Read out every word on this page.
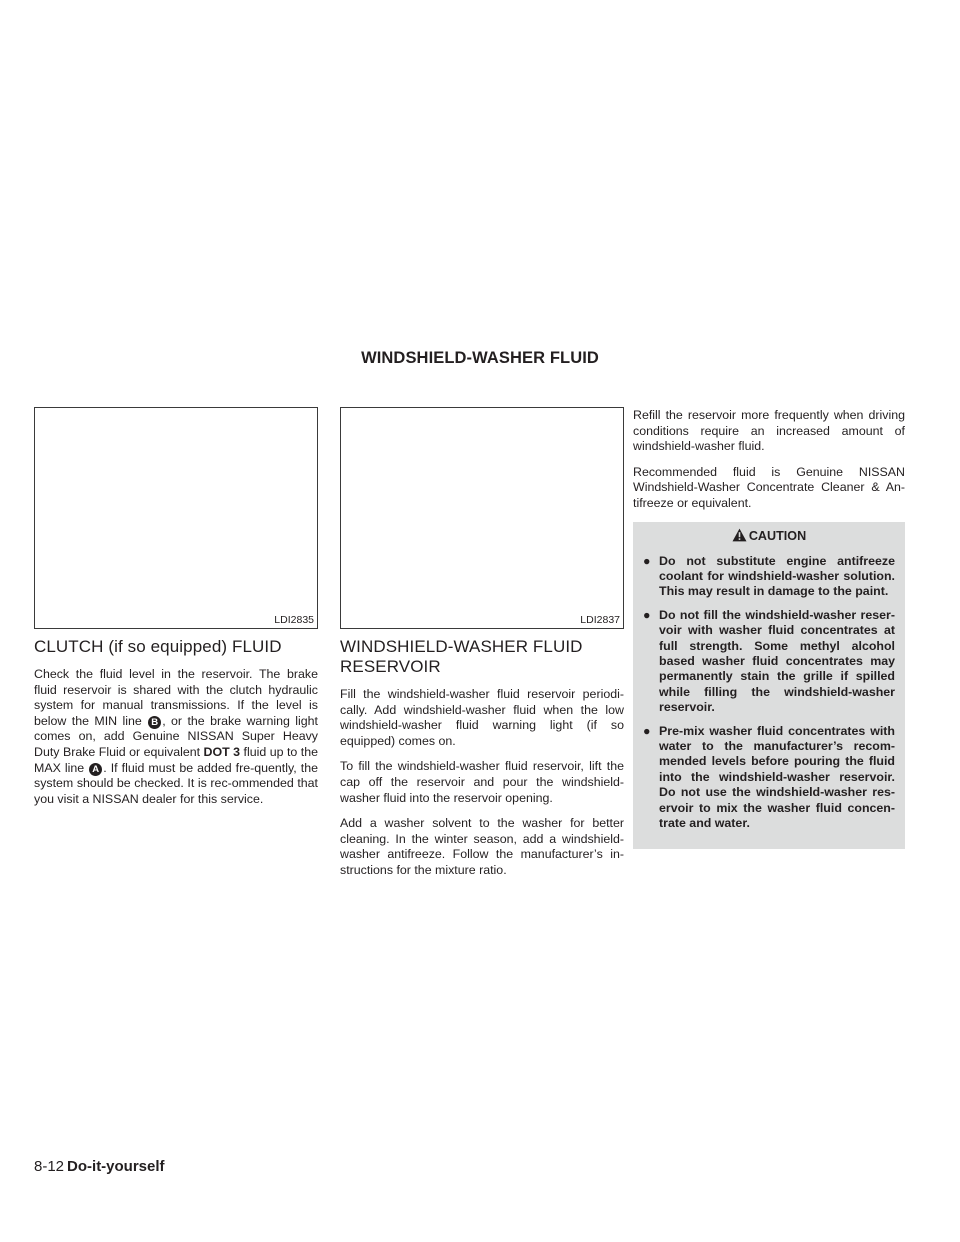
WINDSHIELD-WASHER FLUID
LDI2835	LDI2837
CLUTCH (if so equipped) FLUID

Check the fluid level in the reservoir. The brake fluid reservoir is shared with the clutch hydraulic system for manual transmissions. If the level is below the MIN line B , or the brake warning light comes on, add Genuine NISSAN Super Heavy Duty Brake Fluid or equivalent DOT 3 fluid up to the MAX line A . If fluid must be added fre-quently, the system should be checked. It is rec-ommended that you visit a NISSAN dealer for this service.

WINDSHIELD-WASHER FLUID RESERVOIR

Fill the windshield-washer fluid reservoir periodi-cally. Add windshield-washer fluid when the low windshield-washer fluid warning light (if so equipped) comes on.

To fill the windshield-washer fluid reservoir, lift the cap off the reservoir and pour the windshield-washer fluid into the reservoir opening.

Add a washer solvent to the washer for better cleaning. In the winter season, add a windshield-washer antifreeze. Follow the manufacturer’s in-structions for the mixture ratio.

Refill the reservoir more frequently when driving conditions require an increased amount of windshield-washer fluid.

Recommended fluid is Genuine NISSAN Windshield-Washer Concentrate Cleaner & An-tifreeze or equivalent.

CAUTION
● Do not substitute engine antifreeze coolant for windshield-washer solution. This may result in damage to the paint.
● Do not fill the windshield-washer reser-voir with washer fluid concentrates at full strength. Some methyl alcohol based washer fluid concentrates may permanently stain the grille if spilled while filling the windshield-washer reservoir.
● Pre-mix washer fluid concentrates with water to the manufacturer’s recom-mended levels before pouring the fluid into the windshield-washer reservoir. Do not use the windshield-washer res-ervoir to mix the washer fluid concen-trate and water.
8-12 Do-it-yourself
